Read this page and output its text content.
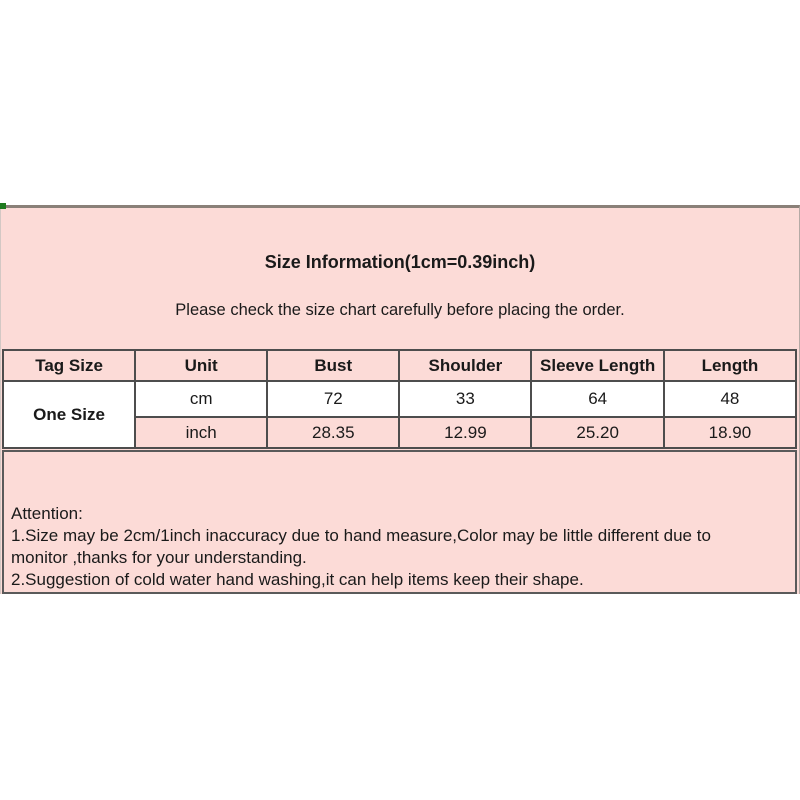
Size Information(1cm=0.39inch)
Please check the size chart carefully before placing the order.
Tag Size	Unit	Bust	Shoulder	Sleeve Length	Length
One Size	cm	72	33	64	48
	inch	28.35	12.99	25.20	18.90
Attention:
1.Size may be 2cm/1inch inaccuracy due to hand measure,Color may be little different due to
monitor ,thanks for your understanding.
2.Suggestion of cold water hand washing,it can help items keep their shape.
